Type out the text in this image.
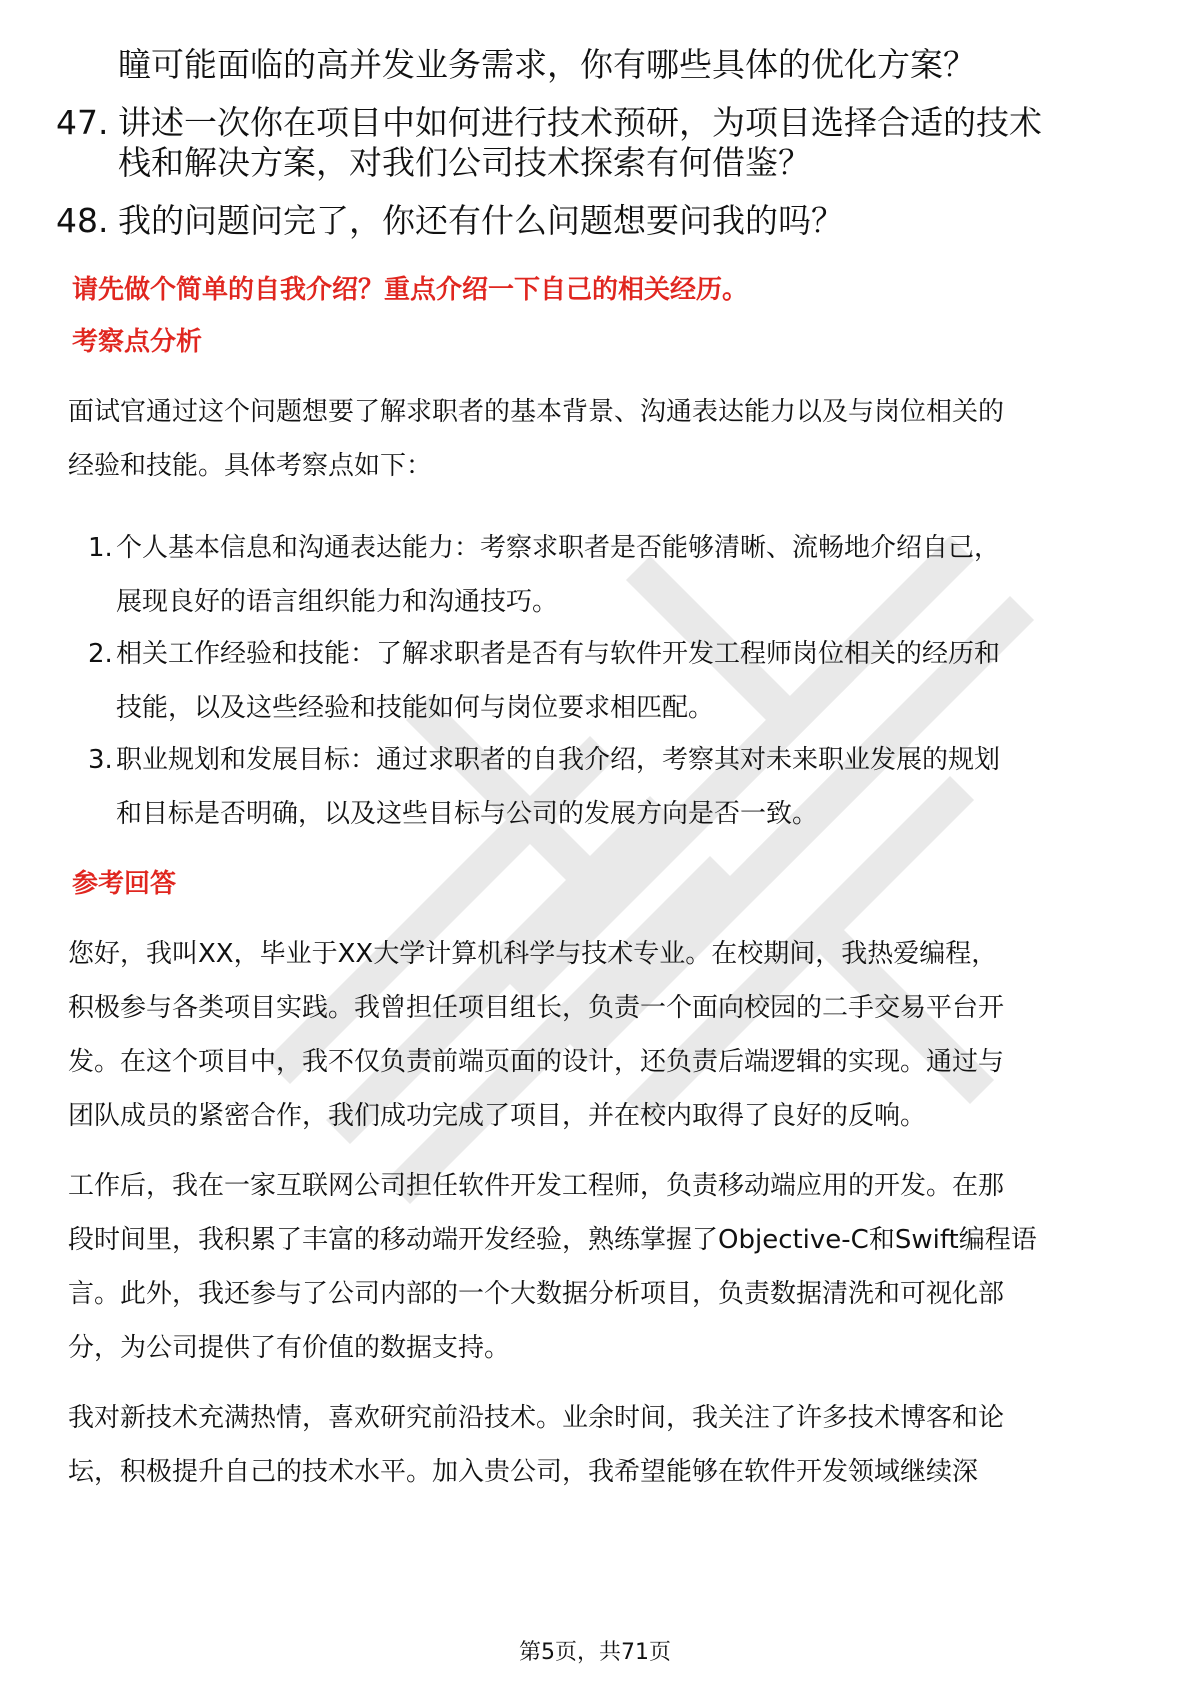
瞳可能面临的高并发业务需求，你有哪些具体的优化方案？
47. 讲述一次你在项目中如何进行技术预研，为项目选择合适的技术
栈和解决方案，对我们公司技术探索有何借鉴？
48. 我的问题问完了，你还有什么问题想要问我的吗？
请先做个简单的自我介绍？重点介绍一下自己的相关经历。
考察点分析
面试官通过这个问题想要了解求职者的基本背景、沟通表达能力以及与岗位相关的
经验和技能。具体考察点如下：
1. 个人基本信息和沟通表达能力：考察求职者是否能够清晰、流畅地介绍自己，
展现良好的语言组织能力和沟通技巧。
2. 相关工作经验和技能：了解求职者是否有与软件开发工程师岗位相关的经历和
技能，以及这些经验和技能如何与岗位要求相匹配。
3. 职业规划和发展目标：通过求职者的自我介绍，考察其对未来职业发展的规划
和目标是否明确，以及这些目标与公司的发展方向是否一致。
参考回答
您好，我叫XX，毕业于XX大学计算机科学与技术专业。在校期间，我热爱编程，
积极参与各类项目实践。我曾担任项目组长，负责一个面向校园的二手交易平台开
发。在这个项目中，我不仅负责前端页面的设计，还负责后端逻辑的实现。通过与
团队成员的紧密合作，我们成功完成了项目，并在校内取得了良好的反响。
工作后，我在一家互联网公司担任软件开发工程师，负责移动端应用的开发。在那
段时间里，我积累了丰富的移动端开发经验，熟练掌握了Objective-C和Swift编程语
言。此外，我还参与了公司内部的一个大数据分析项目，负责数据清洗和可视化部
分，为公司提供了有价值的数据支持。
我对新技术充满热情，喜欢研究前沿技术。业余时间，我关注了许多技术博客和论
坛，积极提升自己的技术水平。加入贵公司，我希望能够在软件开发领域继续深
第5页，共71页
